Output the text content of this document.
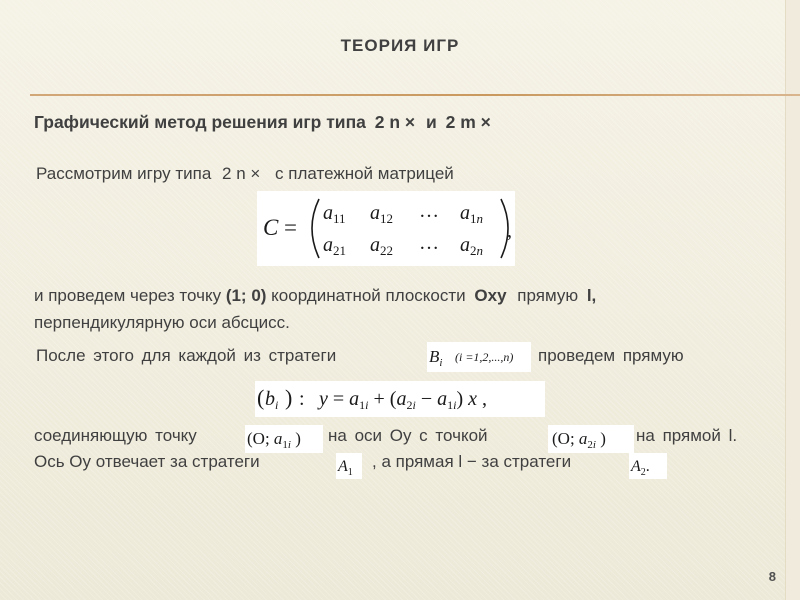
ТЕОРИЯ ИГР
Графический метод решения игр типа 2 n × и 2 m ×
Рассмотрим игру типа 2 n × с платежной матрицей
C =
$a_{11}$ $a_{12}$ … $a_1n$
$a_{21}$ $a_{22}$ … $a_2n$
,
и проведем через точку (1; 0) координатной плоскости Oxy прямую l,
перпендикулярную оси абсцисс.
После этого для каждой из стратеги	$B_i$ (i =1,2,...,n) проведем прямую
( $b_i$ ) : $y = a_1i + (a_2i - a_1i)$ x ,
соединяющую точку	(O; $a_1i$ ) на оси Oy с точкой	(O; $a_2i$ ) на прямой l.
Ось Oy отвечает за стратеги	$A_1$
, а прямая l − за стратеги	$A_2$.
8
